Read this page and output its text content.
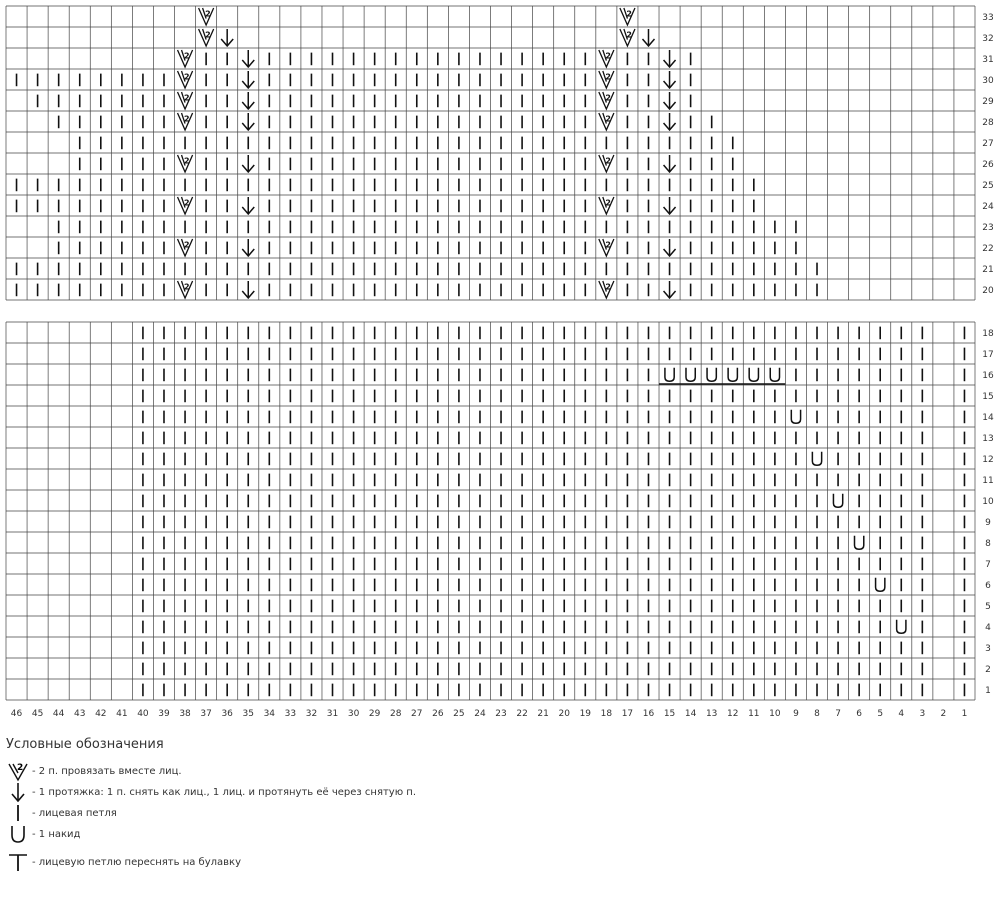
20
21
22
23
24
25
26
27
28
29
30
31
32
33
1
2
3
4
5
6
7
8
9
10
11
12
13
14
15
16
17
18
1
2
3
4
5
6
7
8
9
10
11
12
13
14
15
16
17
18
19
20
21
22
23
24
25
26
27
28
29
30
31
32
33
34
35
36
37
38
39
40
41
42
43
44
45
46
2
2
2
2
2
2
2
2
2
2
2
2
2
2
2
2
2
2
2
2
Условные обозначения
2 - 2 п. провязать вместе лиц.
- 1 протяжка: 1 п. снять как лиц., 1 лиц. и протянуть её через снятую п.
- лицевая петля
- 1 накид
- лицевую петлю переснять на булавку
